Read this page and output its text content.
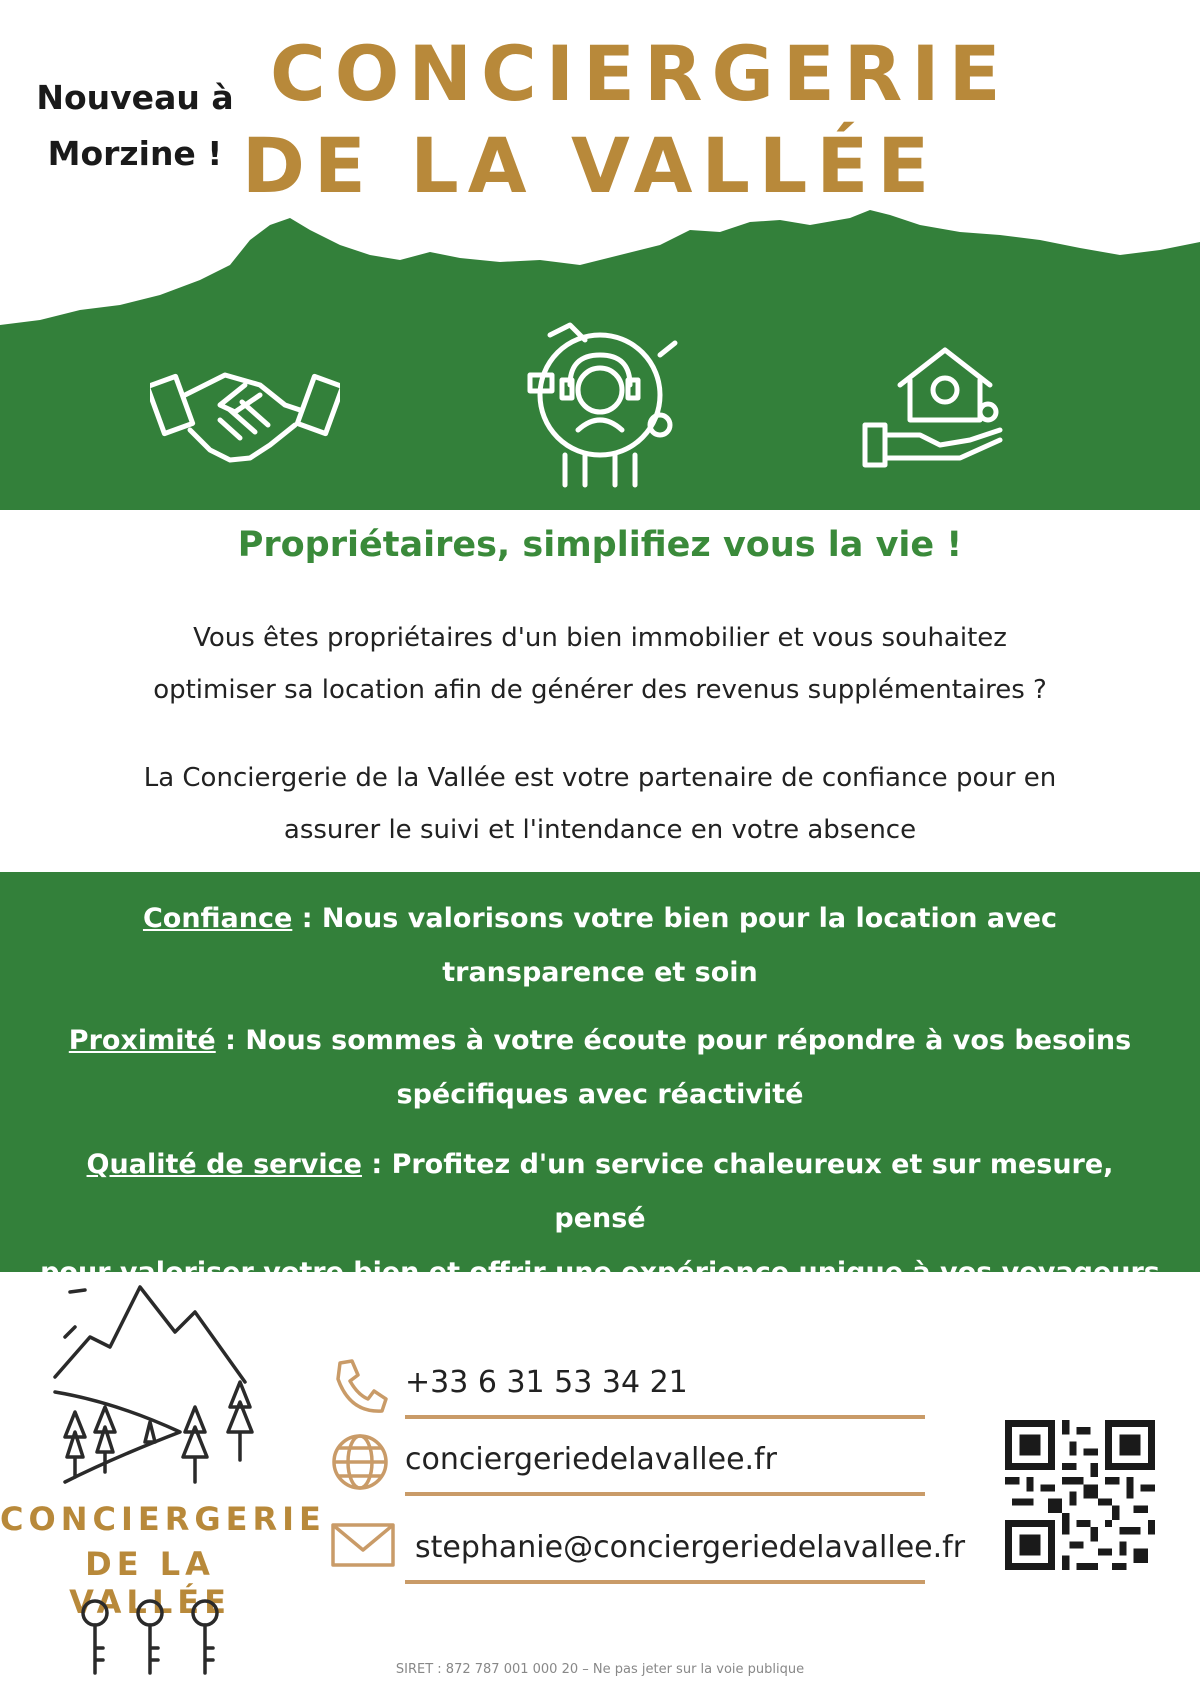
Nouveau à
Morzine !
CONCIERGERIE
DE LA VALLÉE
Propriétaires, simplifiez vous la vie !
Vous êtes propriétaires d'un bien immobilier et vous souhaitez
optimiser sa location afin de générer des revenus supplémentaires ?
La Conciergerie de la Vallée est votre partenaire de confiance pour en
assurer le suivi et l'intendance en votre absence
Confiance : Nous valorisons votre bien pour la location avec
transparence et soin
Proximité : Nous sommes à votre écoute pour répondre à vos besoins
spécifiques avec réactivité
Qualité de service : Profitez d'un service chaleureux et sur mesure, pensé
pour valoriser votre bien et offrir une expérience unique à vos voyageurs
CONCIERGERIE
DE LA VALLÉE
+33 6 31 53 34 21
conciergeriedelavallee.fr
stephanie@conciergeriedelavallee.fr
SIRET : 872 787 001 000 20 – Ne pas jeter sur la voie publique
